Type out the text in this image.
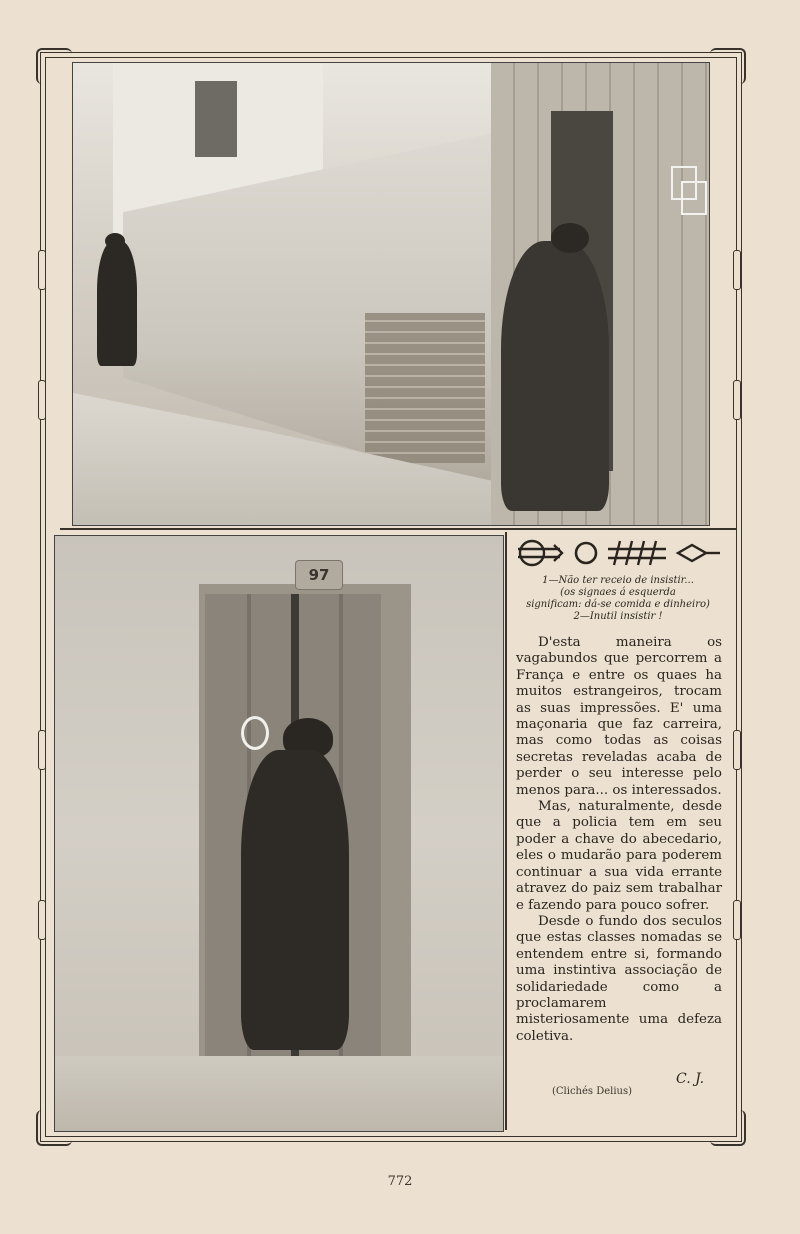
97	1—Não ter receio de insistir...
(os signaes á esquerda
significam: dá-se comida e dinheiro)
2—Inutil insistir !

D'esta maneira os vagabundos que percorrem a França e entre os quaes ha muitos estrangeiros, trocam as suas impressões. E' uma maçonaria que faz carreira, mas como todas as coisas secretas reveladas acaba de perder o seu interesse pelo menos para... os interessados.

Mas, naturalmente, desde que a policia tem em seu poder a chave do abecedario, eles o mudarão para poderem continuar a sua vida errante atravez do paiz sem trabalhar e fazendo para pouco sofrer.

Desde o fundo dos seculos que estas classes nomadas se entendem entre si, formando uma instintiva associação de solidariedade como a proclamarem misteriosamente uma defeza coletiva.

C. J.
(Clichés Delius)
772
